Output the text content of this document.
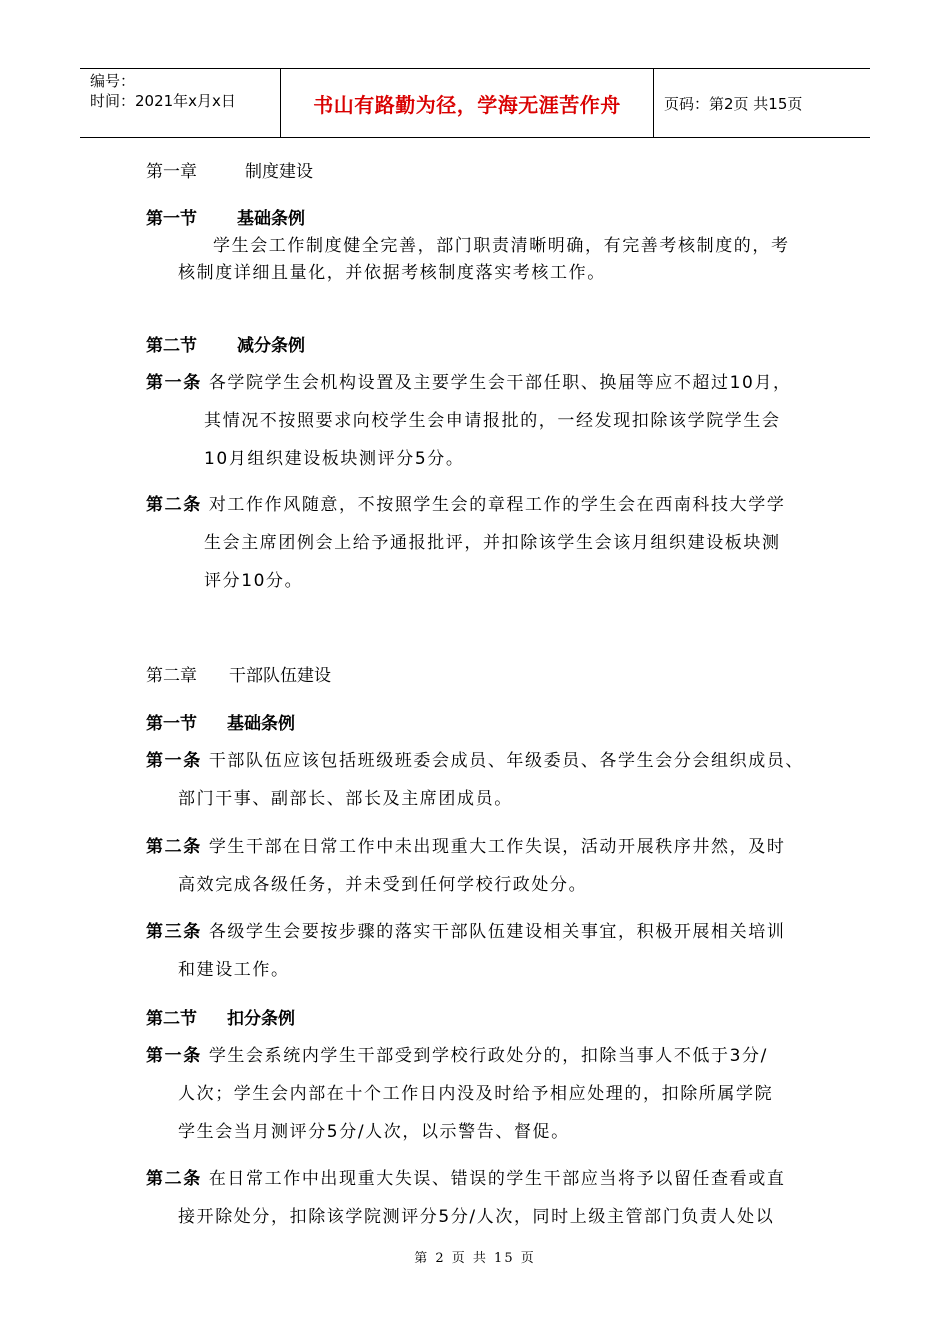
编号：
时间：2021年x月x日	书山有路勤为径，学海无涯苦作舟	页码：第2页 共15页
第一章	制度建设
第一节 基础条例
学生会工作制度健全完善，部门职责清晰明确，有完善考核制度的，考
核制度详细且量化，并依据考核制度落实考核工作。
第二节 减分条例
第一条 各学院学生会机构设置及主要学生会干部任职、换届等应不超过10月，
其情况不按照要求向校学生会申请报批的，一经发现扣除该学院学生会
10月组织建设板块测评分5分。
第二条 对工作作风随意，不按照学生会的章程工作的学生会在西南科技大学学
生会主席团例会上给予通报批评，并扣除该学生会该月组织建设板块测
评分10分。
第二章 干部队伍建设
第一节 基础条例
第一条 干部队伍应该包括班级班委会成员、年级委员、各学生会分会组织成员、
部门干事、副部长、部长及主席团成员。
第二条 学生干部在日常工作中未出现重大工作失误，活动开展秩序井然，及时
高效完成各级任务，并未受到任何学校行政处分。
第三条 各级学生会要按步骤的落实干部队伍建设相关事宜，积极开展相关培训
和建设工作。
第二节 扣分条例
第一条 学生会系统内学生干部受到学校行政处分的，扣除当事人不低于3分/
人次；学生会内部在十个工作日内没及时给予相应处理的，扣除所属学院
学生会当月测评分5分/人次，以示警告、督促。
第二条 在日常工作中出现重大失误、错误的学生干部应当将予以留任查看或直
接开除处分，扣除该学院测评分5分/人次，同时上级主管部门负责人处以
第 2 页 共 15 页
